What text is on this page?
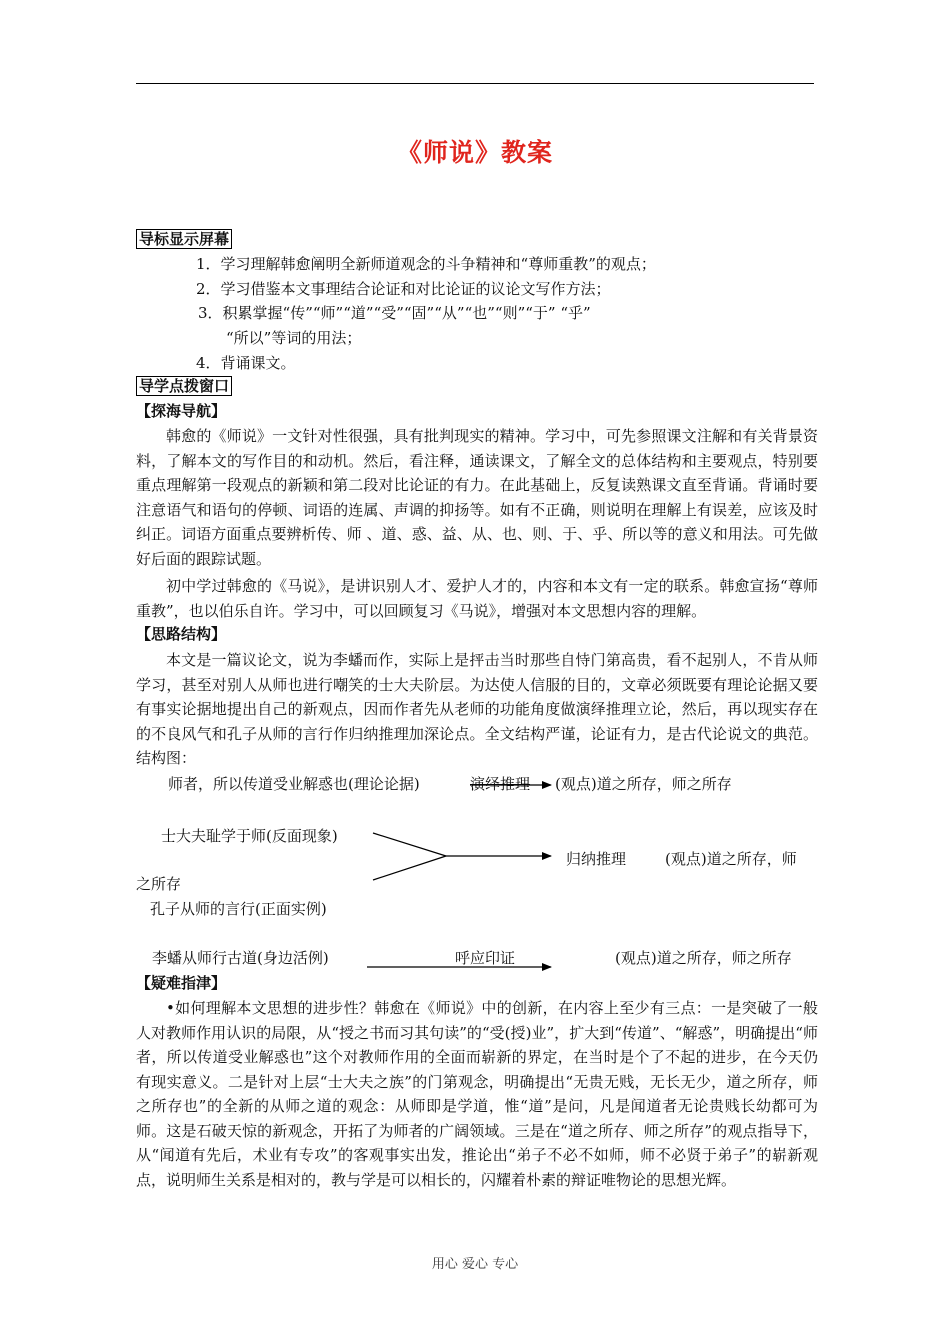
《师说》教案
导标显示屏幕
1．学习理解韩愈阐明全新师道观念的斗争精神和“尊师重教”的观点；
2．学习借鉴本文事理结合论证和对比论证的议论文写作方法；
3．积累掌握“传”“师”“道”“受”“固”“从”“也”“则”“于” “乎”
“所以”等词的用法；
4．背诵课文。
导学点拨窗口
【探海导航】
韩愈的《师说》一文针对性很强，具有批判现实的精神。学习中，可先参照课文注解和有关背景资料，了解本文的写作目的和动机。然后，看注释，通读课文，了解全文的总体结构和主要观点，特别要重点理解第一段观点的新颖和第二段对比论证的有力。在此基础上，反复读熟课文直至背诵。背诵时要注意语气和语句的停顿、词语的连属、声调的抑扬等。如有不正确，则说明在理解上有误差，应该及时纠正。词语方面重点要辨析传、师 、道、惑、益、从、也、则、于、乎、所以等的意义和用法。可先做好后面的跟踪试题。
初中学过韩愈的《马说》，是讲识别人才、爱护人才的，内容和本文有一定的联系。韩愈宣扬“尊师重教”，也以伯乐自许。学习中，可以回顾复习《马说》，增强对本文思想内容的理解。
【思路结构】
本文是一篇议论文，说为李蟠而作，实际上是抨击当时那些自恃门第高贵，看不起别人，不肯从师学习，甚至对别人从师也进行嘲笑的士大夫阶层。为达使人信服的目的，文章必须既要有理论论据又要有事实论据地提出自己的新观点，因而作者先从老师的功能角度做演绎推理立论，然后，再以现实存在的不良风气和孔子从师的言行作归纳推理加深论点。全文结构严谨，论证有力，是古代论说文的典范。结构图：
师者，所以传道受业解惑也(理论论据)	演绎推理 (观点)道之所存，师之所存
士大夫耻学于师(反面现象)
归纳推理	(观点)道之所存，师
之所存
孔子从师的言行(正面实例)
李蟠从师行古道(身边活例)	呼应印证	(观点)道之所存，师之所存
【疑难指津】
•如何理解本文思想的进步性？韩愈在《师说》中的创新，在内容上至少有三点：一是突破了一般人对教师作用认识的局限，从“授之书而习其句读”的“受(授)业”，扩大到“传道”、“解惑”，明确提出“师者，所以传道受业解惑也”这个对教师作用的全面而崭新的界定，在当时是个了不起的进步，在今天仍有现实意义。二是针对上层“士大夫之族”的门第观念，明确提出“无贵无贱，无长无少，道之所存，师之所存也”的全新的从师之道的观念：从师即是学道，惟“道”是问，凡是闻道者无论贵贱长幼都可为师。这是石破天惊的新观念，开拓了为师者的广阔领域。三是在“道之所存、师之所存”的观点指导下，从“闻道有先后，术业有专攻”的客观事实出发，推论出“弟子不必不如师，师不必贤于弟子”的崭新观点，说明师生关系是相对的，教与学是可以相长的，闪耀着朴素的辩证唯物论的思想光辉。
用心 爱心 专心
